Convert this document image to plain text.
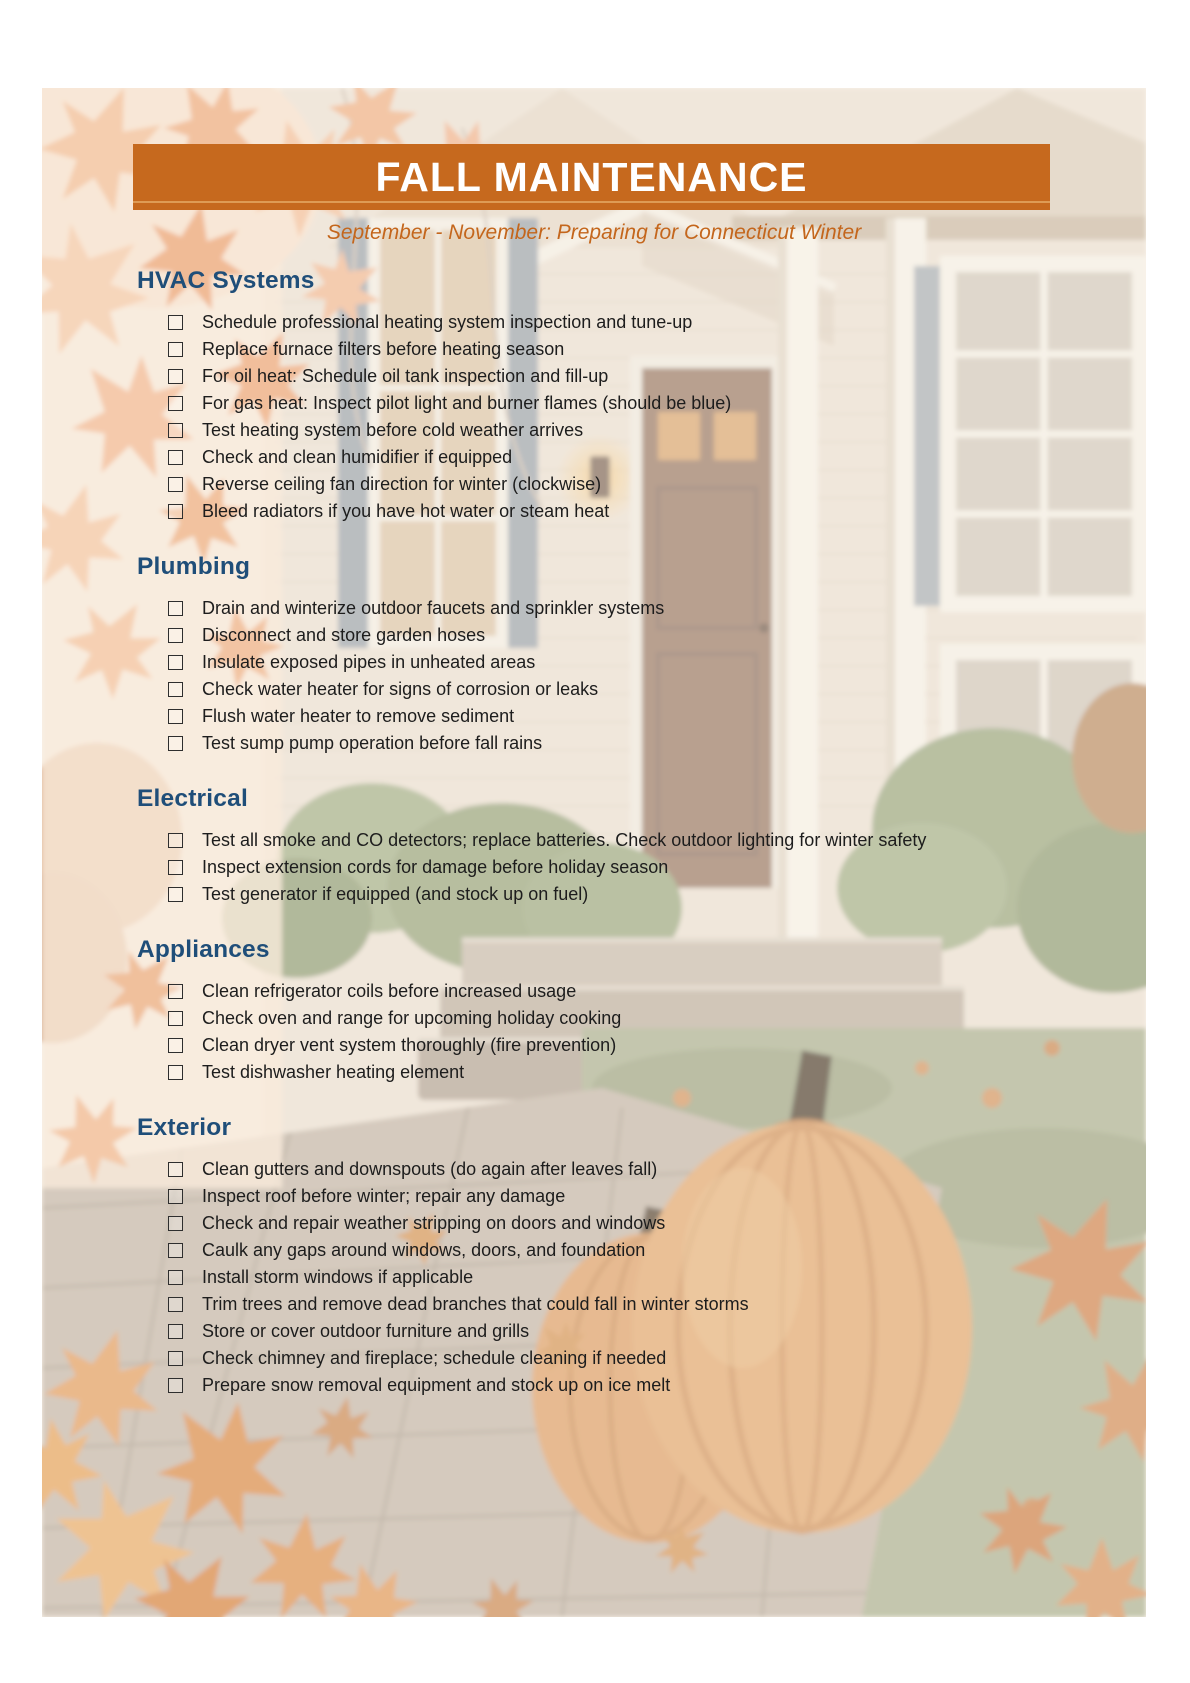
FALL MAINTENANCE

September - November: Preparing for Connecticut Winter

HVAC Systems
Schedule professional heating system inspection and tune-up
Replace furnace filters before heating season
For oil heat: Schedule oil tank inspection and fill-up
For gas heat: Inspect pilot light and burner flames (should be blue)
Test heating system before cold weather arrives
Check and clean humidifier if equipped
Reverse ceiling fan direction for winter (clockwise)
Bleed radiators if you have hot water or steam heat
Plumbing
Drain and winterize outdoor faucets and sprinkler systems
Disconnect and store garden hoses
Insulate exposed pipes in unheated areas
Check water heater for signs of corrosion or leaks
Flush water heater to remove sediment
Test sump pump operation before fall rains
Electrical
Test all smoke and CO detectors; replace batteries. Check outdoor lighting for winter safety
Inspect extension cords for damage before holiday season
Test generator if equipped (and stock up on fuel)
Appliances
Clean refrigerator coils before increased usage
Check oven and range for upcoming holiday cooking
Clean dryer vent system thoroughly (fire prevention)
Test dishwasher heating element
Exterior
Clean gutters and downspouts (do again after leaves fall)
Inspect roof before winter; repair any damage
Check and repair weather stripping on doors and windows
Caulk any gaps around windows, doors, and foundation
Install storm windows if applicable
Trim trees and remove dead branches that could fall in winter storms
Store or cover outdoor furniture and grills
Check chimney and fireplace; schedule cleaning if needed
Prepare snow removal equipment and stock up on ice melt
